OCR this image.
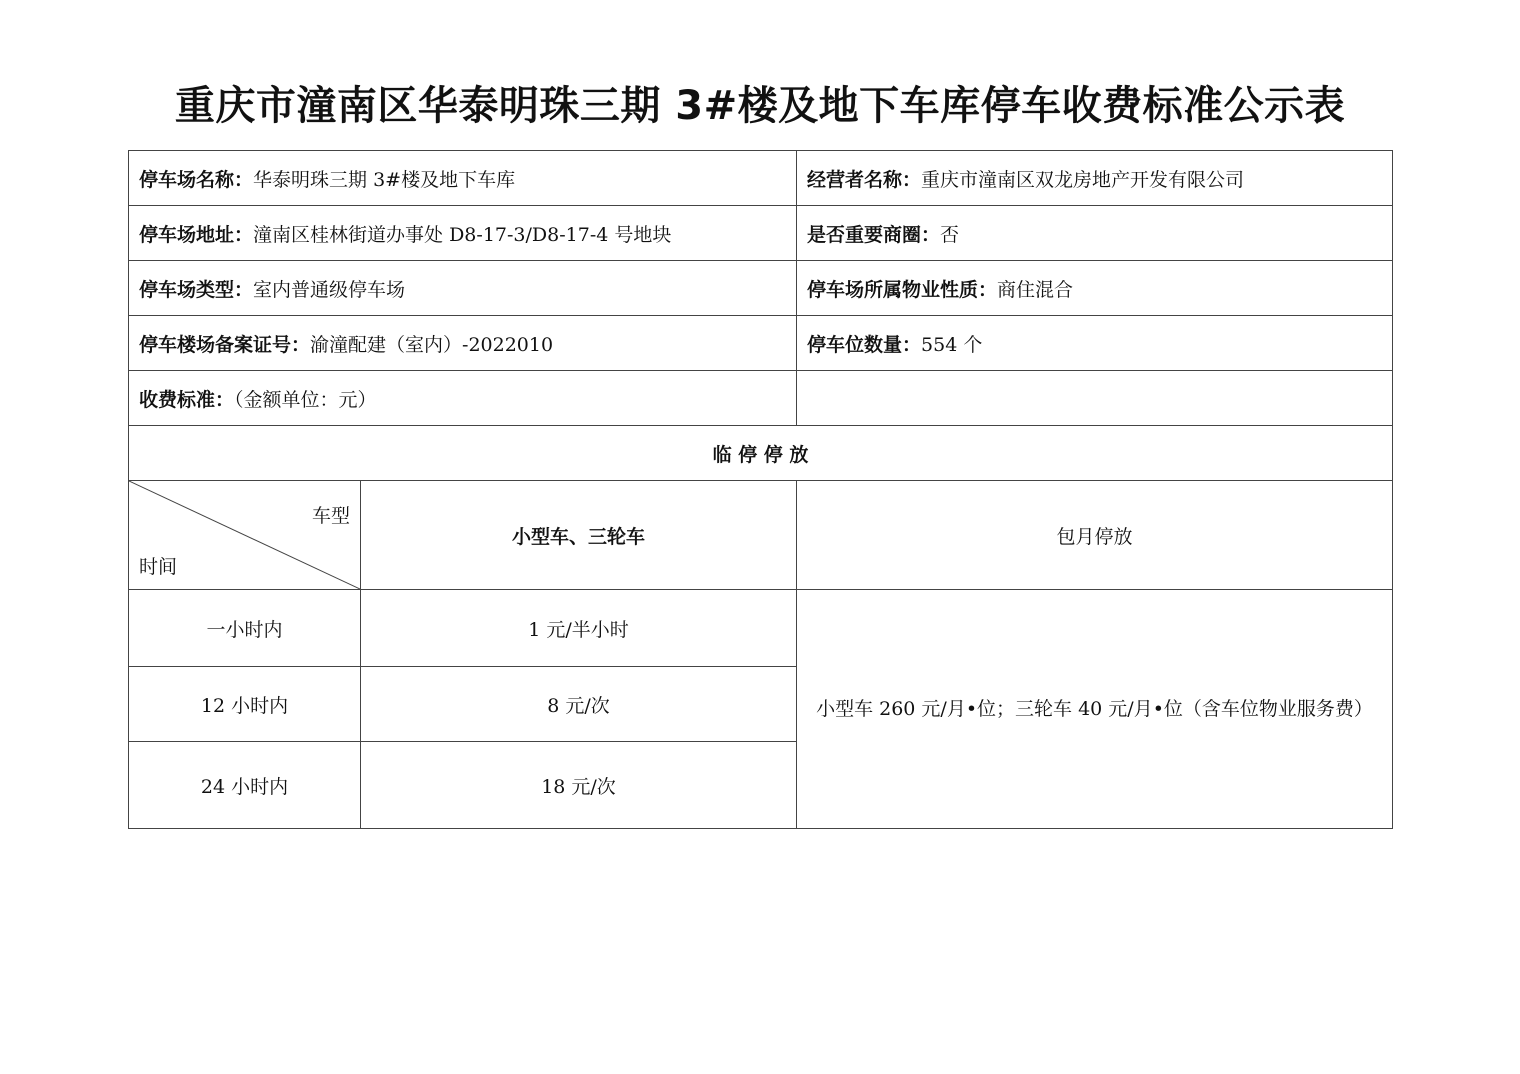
重庆市潼南区华泰明珠三期 3#楼及地下车库停车收费标准公示表
停车场名称：华泰明珠三期 3#楼及地下车库		经营者名称：重庆市潼南区双龙房地产开发有限公司
停车场地址：潼南区桂林街道办事处 D8-17-3/D8-17-4 号地块		是否重要商圈：否
停车场类型：室内普通级停车场		停车场所属物业性质：商住混合
停车楼场备案证号：渝潼配建（室内）-2022010		停车位数量：554 个
收费标准：（金额单位：元）		
临 停 停 放		

车型
时间	小型车、三轮车	包月停放
一小时内	1 元/半小时	小型车 260 元/月•位；三轮车 40 元/月•位（含车位物业服务费）
12 小时内	8 元/次	
24 小时内	18 元/次	
